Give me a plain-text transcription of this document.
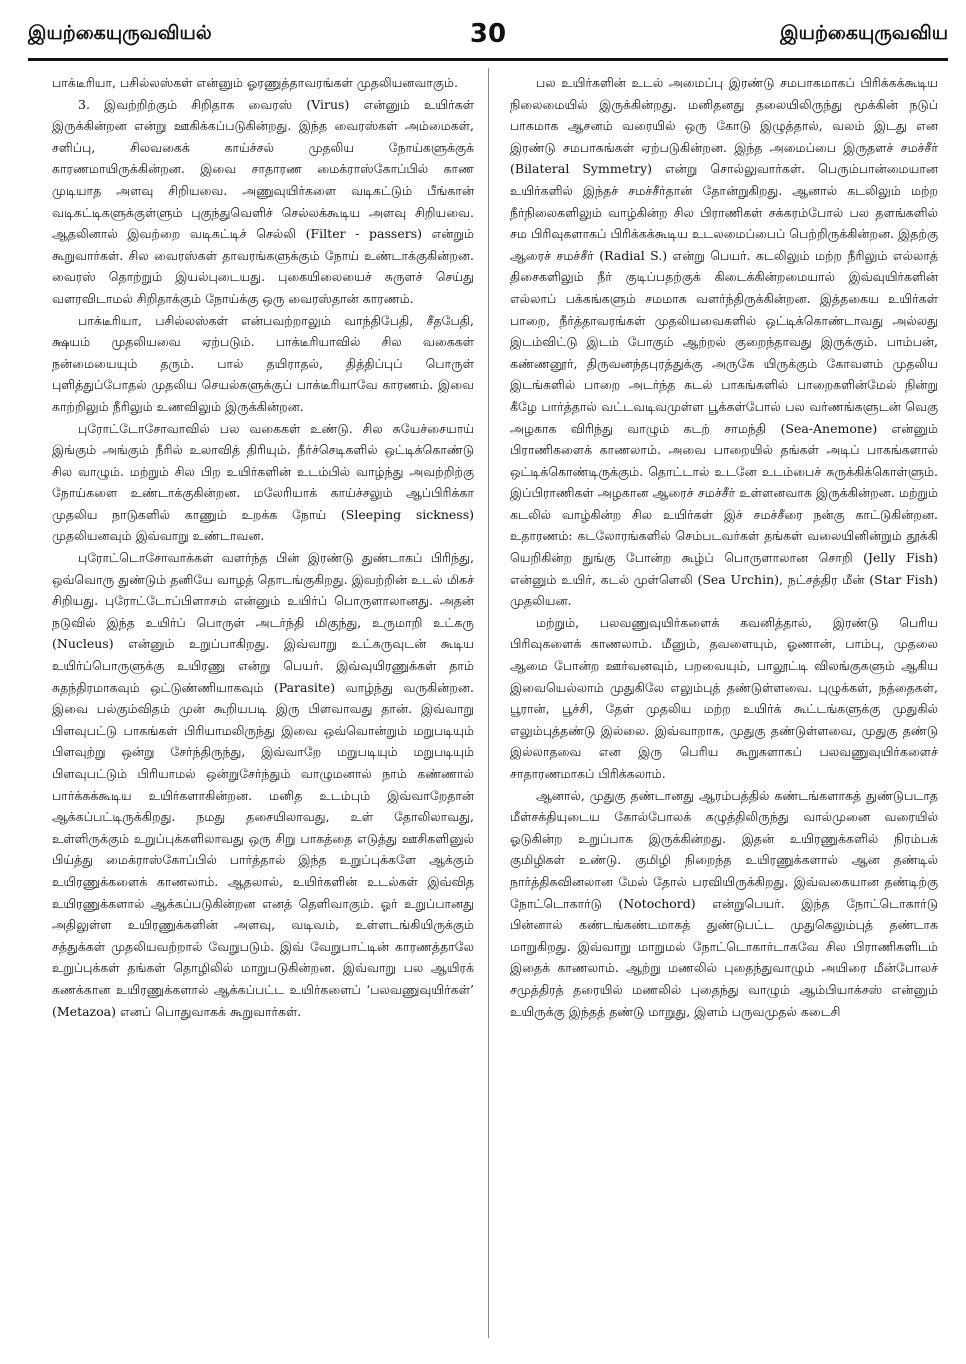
இயற்கையுருவவியல்	30	இயற்கையுருவவிய

பாக்டீரியா, பசில்லஸ்கள் என்னும் ஓரணுத்தாவரங்கள் முதலியனவாகும்.

3. இவற்றிற்கும் சிறிதாக வைரஸ் (Virus) என்னும் உயிர்கள் இருக்கின்றன என்று ஊகிக்கப்படுகின்றது. இந்த வைரஸ்கள் அம்மைகள், சளிப்பு, சிலவகைக் காய்ச்சல் முதலிய நோய்களுக்குக் காரணமாயிருக்கின்றன. இவை சாதாரண மைக்ராஸ்கோப்பில் காண முடியாத அளவு சிறியவை. அணுவுயிர்களை வடிகட்டும் பீங்கான் வடிகட்டிகளுக்குள்ளும் புகுந்துவெளிச் செல்லக்கூடிய அளவு சிறியவை. ஆதலினால் இவற்றை வடிகட்டிச் செல்லி (Filter - passers) என்றும் கூறுவார்கள். சில வைரஸ்கள் தாவரங்களுக்கும் நோய் உண்டாக்குகின்றன. வைரஸ் தொற்றும் இயல்புடையது. புகையிலையைச் சுருளச் செய்து வளரவிடாமல் சிறிதாக்கும் நோய்க்கு ஒரு வைரஸ்தான் காரணம்.

பாக்டீரியா, பசில்லஸ்கள் என்பவற்றாலும் வாந்திபேதி, சீதபேதி, க்ஷயம் முதலியவை ஏற்படும். பாக்டீரியாவில் சில வகைகள் நன்மையையும் தரும். பால் தயிராதல், தித்திப்புப் பொருள் புளித்துப்போதல் முதலிய செயல்களுக்குப் பாக்டீரியாவே காரணம். இவை காற்றிலும் நீரிலும் உணவிலும் இருக்கின்றன.

புரோட்டோசோவாவில் பல வகைகள் உண்டு. சில சுயேச்சையாய் இங்கும் அங்கும் நீரில் உலாவித் திரியும். நீர்ச்செடிகளில் ஒட்டிக்கொண்டு சில வாழும். மற்றும் சில பிற உயிர்களின் உடம்பில் வாழ்ந்து அவற்றிற்கு நோய்களை உண்டாக்குகின்றன. மலேரியாக் காய்ச்சலும் ஆப்பிரிக்கா முதலிய நாடுகளில் காணும் உறக்க நோய் (Sleeping sickness) முதலியனவும் இவ்வாறு உண்டாவன.

புரோட்டொசோவாக்கள் வளர்ந்த பின் இரண்டு துண்டாகப் பிரிந்து, ஒவ்வொரு துண்டும் தனியே வாழத் தொடங்குகிறது. இவற்றின் உடல் மிகச் சிறியது. புரோட்டோப்பிளாசம் என்னும் உயிர்ப் பொருளாலானது. அதன் நடுவில் இந்த உயிர்ப் பொருள் அடர்ந்தி மிகுந்து, உருமாறி உட்கரு (Nucleus) என்னும் உறுப்பாகிறது. இவ்வாறு உட்கருவுடன் கூடிய உயிர்ப்பொருளுக்கு உயிரணு என்று பெயர். இவ்வுயிரணுக்கள் தாம் சுதந்திரமாகவும் ஒட்டுண்ணியாகவும் (Parasite) வாழ்ந்து வருகின்றன. இவை பல்கும்விதம் முன் கூறியபடி இரு பிளவாவது தான். இவ்வாறு பிளவுபட்டு பாகங்கள் பிரியாமலிருந்து இவை ஒவ்வொன்றும் மறுபடியும் பிளவுற்று ஒன்று சேர்ந்திருந்து, இவ்வாறே மறுபடியும் மறுபடியும் பிளவுபட்டும் பிரியாமல் ஒன்றுசேர்ந்தும் வாழுமனால் நாம் கண்ணால் பார்க்கக்கூடிய உயிர்களாகின்றன. மனித உடம்பும் இவ்வாறேதான் ஆக்கப்பட்டிருக்கிறது. நமது தசையிலாவது, உள் தோலிலாவது, உள்ளிருக்கும் உறுப்புக்களிலாவது ஒரு சிறு பாகத்தை எடுத்து ஊசிகளினுல் பிய்த்து மைக்ராஸ்கோப்பில் பார்த்தால் இந்த உறுப்புக்களே ஆக்கும் உயிரணுக்களைக் காணலாம். ஆதலால், உயிர்களின் உடல்கள் இவ்வித உயிரணுக்களால் ஆக்கப்படுகின்றன எனத் தெளிவாகும். ஓர் உறுப்பானது அதிலுள்ள உயிரணுக்களின் அளவு, வடிவம், உள்ளடங்கியிருக்கும் சத்துக்கள் முதலியவற்றால் வேறுபடும். இவ் வேறுபாட்டின் காரணத்தாலே உறுப்புக்கள் தங்கள் தொழிலில் மாறுபடுகின்றன. இவ்வாறு பல ஆயிரக் கணக்கான உயிரணுக்களால் ஆக்கப்பட்ட உயிர்களைப் ‘பலவணுவுயிர்கள்’ (Metazoa) எனப் பொதுவாகக் கூறுவார்கள்.

பல உயிர்களின் உடல் அமைப்பு இரண்டு சமபாகமாகப் பிரிக்கக்கூடிய நிலைமையில் இருக்கின்றது. மனிதனது தலையிலிருந்து மூக்கின் நடுப் பாகமாக ஆசனம் வரையில் ஒரு கோடு இழுத்தால், வலம் இடது என இரண்டு சமபாகங்கள் ஏற்படுகின்றன. இந்த அமைப்பை இருதளச் சமச்சீர் (Bilateral Symmetry) என்று சொல்லுவார்கள். பெரும்பான்மையான உயிர்களில் இந்தச் சமச்சீர்தான் தோன்றுகிறது. ஆனால் கடலிலும் மற்ற நீர்நிலைகளிலும் வாழ்கின்ற சில பிராணிகள் சக்கரம்போல் பல தளங்களில் சம பிரிவுகளாகப் பிரிக்கக்கூடிய உடலமைப்பைப் பெற்றிருக்கின்றன. இதற்கு ஆரைச் சமச்சீர் (Radial S.) என்று பெயர். கடலிலும் மற்ற நீரிலும் எல்லாத் திசைகளிலும் நீர் குடிப்பதற்குக் கிடைக்கின்றமையால் இவ்வுயிர்களின் எல்லாப் பக்கங்களும் சமமாக வளர்ந்திருக்கின்றன. இத்தகைய உயிர்கள் பாறை, நீர்த்தாவரங்கள் முதலியவைகளில் ஒட்டிக்கொண்டாவது அல்லது இடம்விட்டு இடம் போகும் ஆற்றல் குறைந்தாவது இருக்கும். பாம்பன், கண்ணனூர், திருவனந்தபுரத்துக்கு அருகே யிருக்கும் கோவளம் முதலிய இடங்களில் பாறை அடர்ந்த கடல் பாகங்களில் பாறைகளின்மேல் நின்று கீழே பார்த்தால் வட்டவடிவமுள்ள பூக்கள்போல் பல வர்ணங்களுடன் வெகு அழகாக விரிந்து வாழும் கடற் சாமந்தி (Sea-Anemone) என்னும் பிராணிகளைக் காணலாம். அவை பாறையில் தங்கள் அடிப் பாகங்களால் ஒட்டிக்கொண்டிருக்கும். தொட்டால் உடனே உடம்பைச் சுருக்கிக்கொள்ளும். இப்பிராணிகள் அழகான ஆரைச் சமச்சீர் உள்ளனவாக இருக்கின்றன. மற்றும் கடலில் வாழ்கின்ற சில உயிர்கள் இச் சமச்சீரை நன்கு காட்டுகின்றன. உதாரணம்: கடலோரங்களில் செம்படவர்கள் தங்கள் வலையினின்றும் தூக்கி யெறிகின்ற நுங்கு போன்ற கூழ்ப் பொருளாலான சொறி (Jelly Fish) என்னும் உயிர், கடல் முள்ளெலி (Sea Urchin), நட்சத்திர மீன் (Star Fish) முதலியன.

மற்றும், பலவணுவுயிர்களைக் கவனித்தால், இரண்டு பெரிய பிரிவுகளைக் காணலாம். மீனும், தவளையும், ஓணான், பாம்பு, முதலை ஆமை போன்ற ஊர்வனவும், பறவையும், பாலூட்டி விலங்குகளும் ஆகிய இவையெல்லாம் முதுகிலே எலும்புத் தண்டுள்ளவை. புழுக்கள், நத்தைகள், பூரான், பூச்சி, தேள் முதலிய மற்ற உயிர்க் கூட்டங்களுக்கு முதுகில் எலும்புத்தண்டு இல்லை. இவ்வாறாக, முதுகு தண்டுள்ளவை, முதுகு தண்டு இல்லாதவை என இரு பெரிய கூறுகளாகப் பலவணுவுயிர்களைச் சாதாரணமாகப் பிரிக்கலாம்.

ஆனால், முதுகு தண்டானது ஆரம்பத்தில் கண்டங்களாகத் துண்டுபடாத மீள்சக்தியுடைய கோல்போலக் கழுத்திலிருந்து வால்முனை வரையில் ஓடுகின்ற உறுப்பாக இருக்கின்றது. இதன் உயிரணுக்களில் நிரம்பக் குமிழிகள் உண்டு. குமிழி நிறைந்த உயிரணுக்களால் ஆன தண்டில் நார்த்திசுவினலான மேல் தோல் பரவியிருக்கிறது. இவ்வகையான தண்டிற்கு நோட்டொகார்டு (Notochord) என்றுபெயர். இந்த நோட்டொகார்டு பின்னால் கண்டங்கண்டமாகத் துண்டுபட்ட முதுகெலும்புத் தண்டாக மாறுகிறது. இவ்வாறு மாறுமல் நோட்டொகார்டாகவே சில பிராணிகளிடம் இதைக் காணலாம். ஆற்று மணலில் புதைந்துவாழும் அயிரை மீன்போலச் சமுத்திரத் தரையில் மணலில் புதைந்து வாழும் ஆம்பியாக்சஸ் என்னும் உயிருக்கு இந்தத் தண்டு மாறுது, இளம் பருவமுதல் கடைசி
